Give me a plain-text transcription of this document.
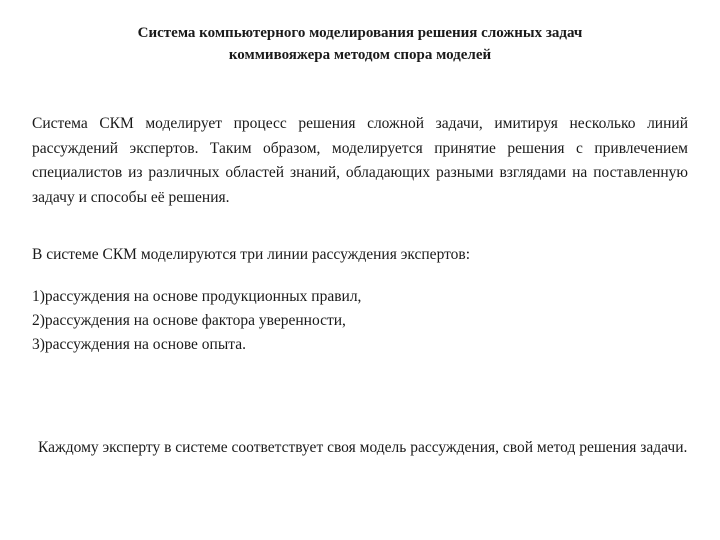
Система компьютерного моделирования решения сложных задач
коммивояжера методом спора моделей
Система СКМ моделирует процесс решения сложной задачи, имитируя несколько линий рассуждений экспертов. Таким образом, моделируется принятие решения с привлечением специалистов из различных областей знаний, обладающих разными взглядами на поставленную задачу и способы её решения.
В системе СКМ моделируются три линии рассуждения экспертов:
1)рассуждения на основе продукционных правил,
2)рассуждения на основе фактора уверенности,
3)рассуждения на основе опыта.
Каждому эксперту в системе соответствует своя модель рассуждения, свой метод решения задачи.
